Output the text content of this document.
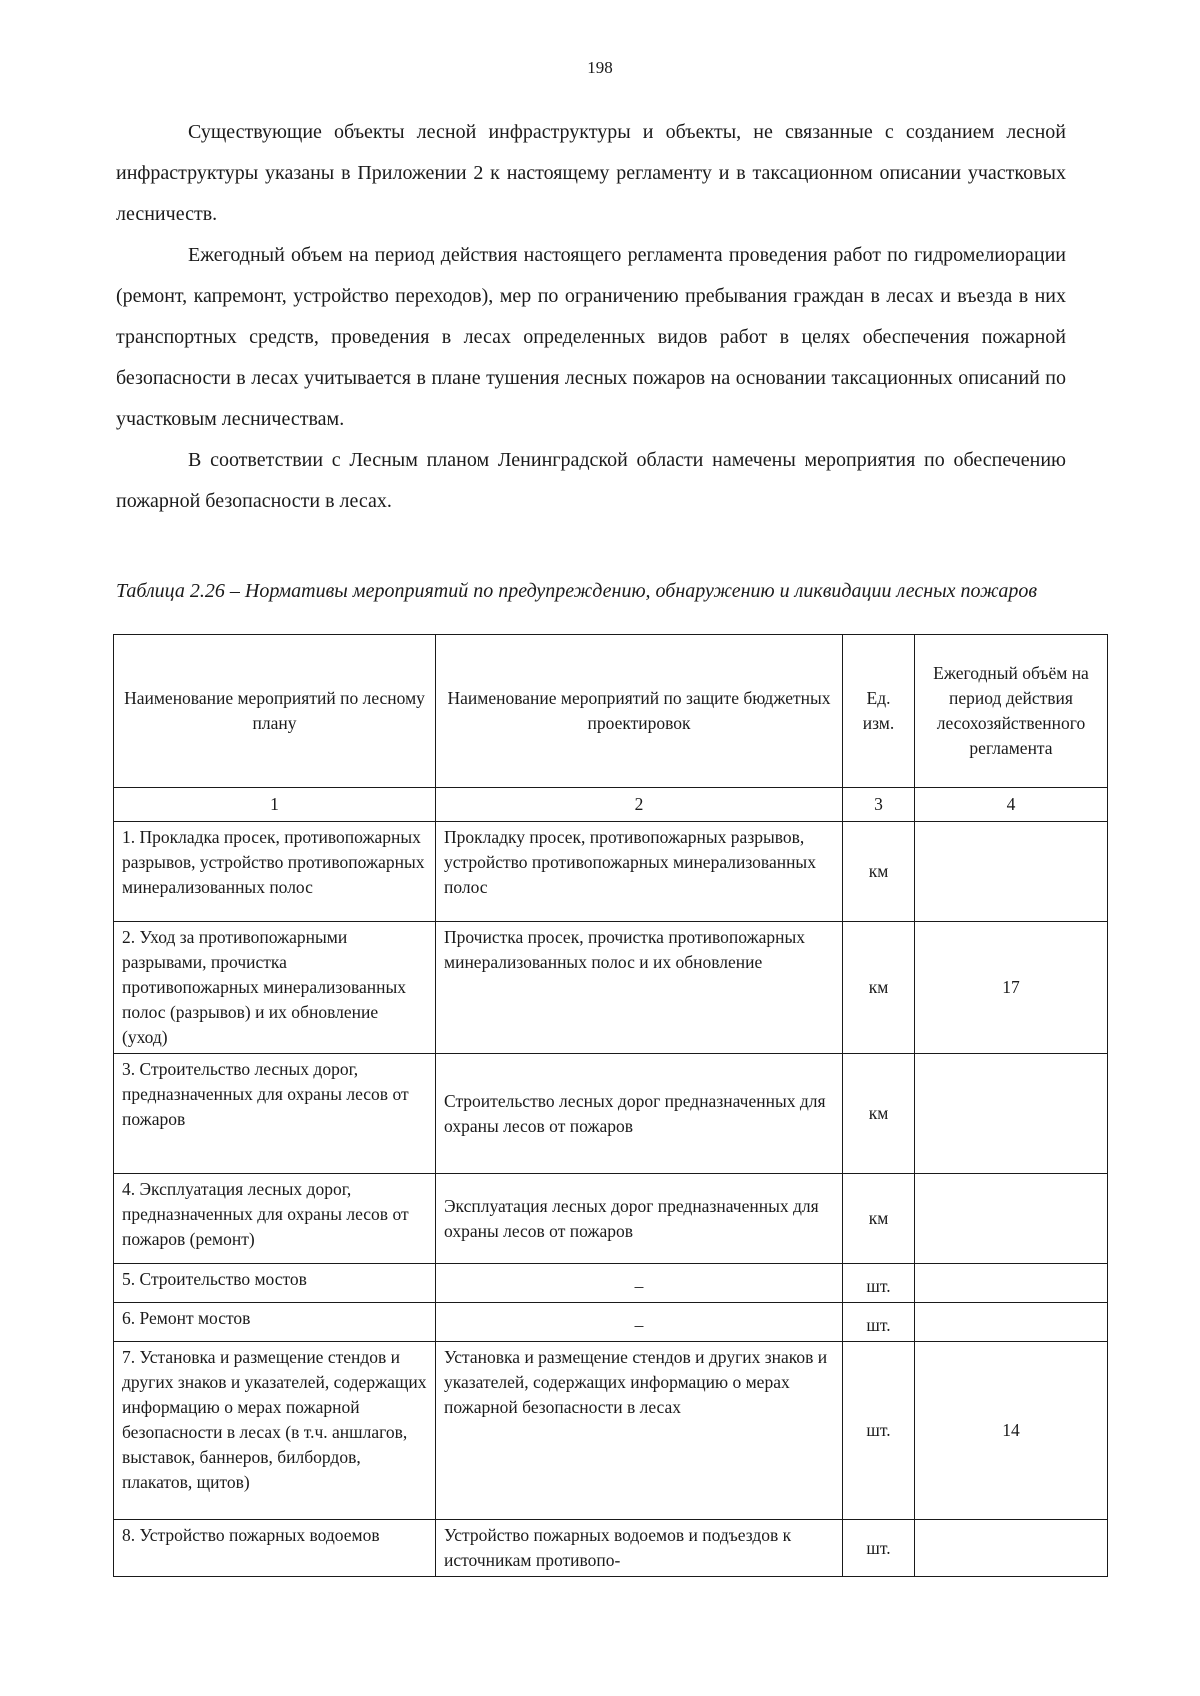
198

Существующие объекты лесной инфраструктуры и объекты, не связанные с созданием лесной инфраструктуры указаны в Приложении 2 к настоящему регламенту и в таксационном описании участковых лесничеств.

Ежегодный объем на период действия настоящего регламента проведения работ по гидромелиорации (ремонт, капремонт, устройство переходов), мер по ограничению пребывания граждан в лесах и въезда в них транспортных средств, проведения в лесах определенных видов работ в целях обеспечения пожарной безопасности в лесах учитывается в плане тушения лесных пожаров на основании таксационных описаний по участковым лесничествам.

В соответствии с Лесным планом Ленинградской области намечены мероприятия по обеспечению пожарной безопасности в лесах.

Таблица 2.26 – Нормативы мероприятий по предупреждению, обнаружению и ликвидации лесных пожаров
Наименование мероприятий по лесному плану	Наименование мероприятий по защите бюджетных проектировок	Ед. изм.	Ежегодный объём на период действия лесохозяйственного регламента
1	2	3	4
1. Прокладка просек, противопожарных разрывов, устройство противопожарных минерализованных полос	Прокладку просек, противопожарных разрывов, устройство противопожарных минерализованных полос	км	
2. Уход за противопожарными разрывами, прочистка противопожарных минерализованных полос (разрывов) и их обновление (уход)	Прочистка просек, прочистка противопожарных минерализованных полос и их обновление	км	17
3. Строительство лесных дорог, предназначенных для охраны лесов от пожаров	Строительство лесных дорог предназначенных для охраны лесов от пожаров	км	
4. Эксплуатация лесных дорог, предназначенных для охраны лесов от пожаров (ремонт)	Эксплуатация лесных дорог предназначенных для охраны лесов от пожаров	км	
5. Строительство мостов	–	шт.	
6. Ремонт мостов	–	шт.	
7. Установка и размещение стендов и других знаков и указателей, содержащих информацию о мерах пожарной безопасности в лесах (в т.ч. аншлагов, выставок, баннеров, билбордов, плакатов, щитов)	Установка и размещение стендов и других знаков и указателей, содержащих информацию о мерах пожарной безопасности в лесах	шт.	14
8. Устройство пожарных водоемов	Устройство пожарных водоемов и подъездов к источникам противопо-	шт.	
